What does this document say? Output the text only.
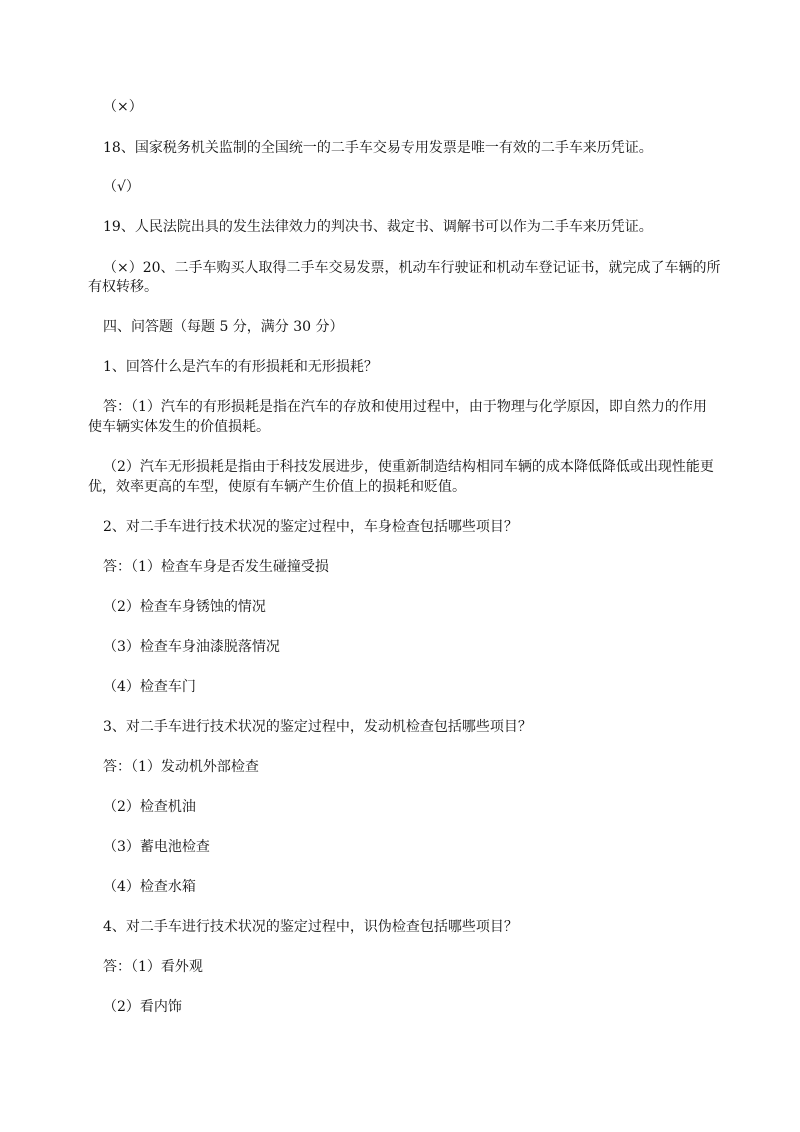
（×）
18、国家税务机关监制的全国统一的二手车交易专用发票是唯一有效的二手车来历凭证。
（√）
19、人民法院出具的发生法律效力的判决书、裁定书、调解书可以作为二手车来历凭证。
（×）20、二手车购买人取得二手车交易发票，机动车行驶证和机动车登记证书，就完成了车辆的所
有权转移。
四、问答题（每题 5 分，满分 30 分）
1、回答什么是汽车的有形损耗和无形损耗？
答：（1）汽车的有形损耗是指在汽车的存放和使用过程中，由于物理与化学原因，即自然力的作用
使车辆实体发生的价值损耗。
（2）汽车无形损耗是指由于科技发展进步，使重新制造结构相同车辆的成本降低降低或出现性能更
优，效率更高的车型，使原有车辆产生价值上的损耗和贬值。
2、对二手车进行技术状况的鉴定过程中，车身检查包括哪些项目？
答：（1）检查车身是否发生碰撞受损
（2）检查车身锈蚀的情况
（3）检查车身油漆脱落情况
（4）检查车门
3、对二手车进行技术状况的鉴定过程中，发动机检查包括哪些项目？
答：（1）发动机外部检查
（2）检查机油
（3）蓄电池检查
（4）检查水箱
4、对二手车进行技术状况的鉴定过程中，识伪检查包括哪些项目？
答：（1）看外观
（2）看内饰
